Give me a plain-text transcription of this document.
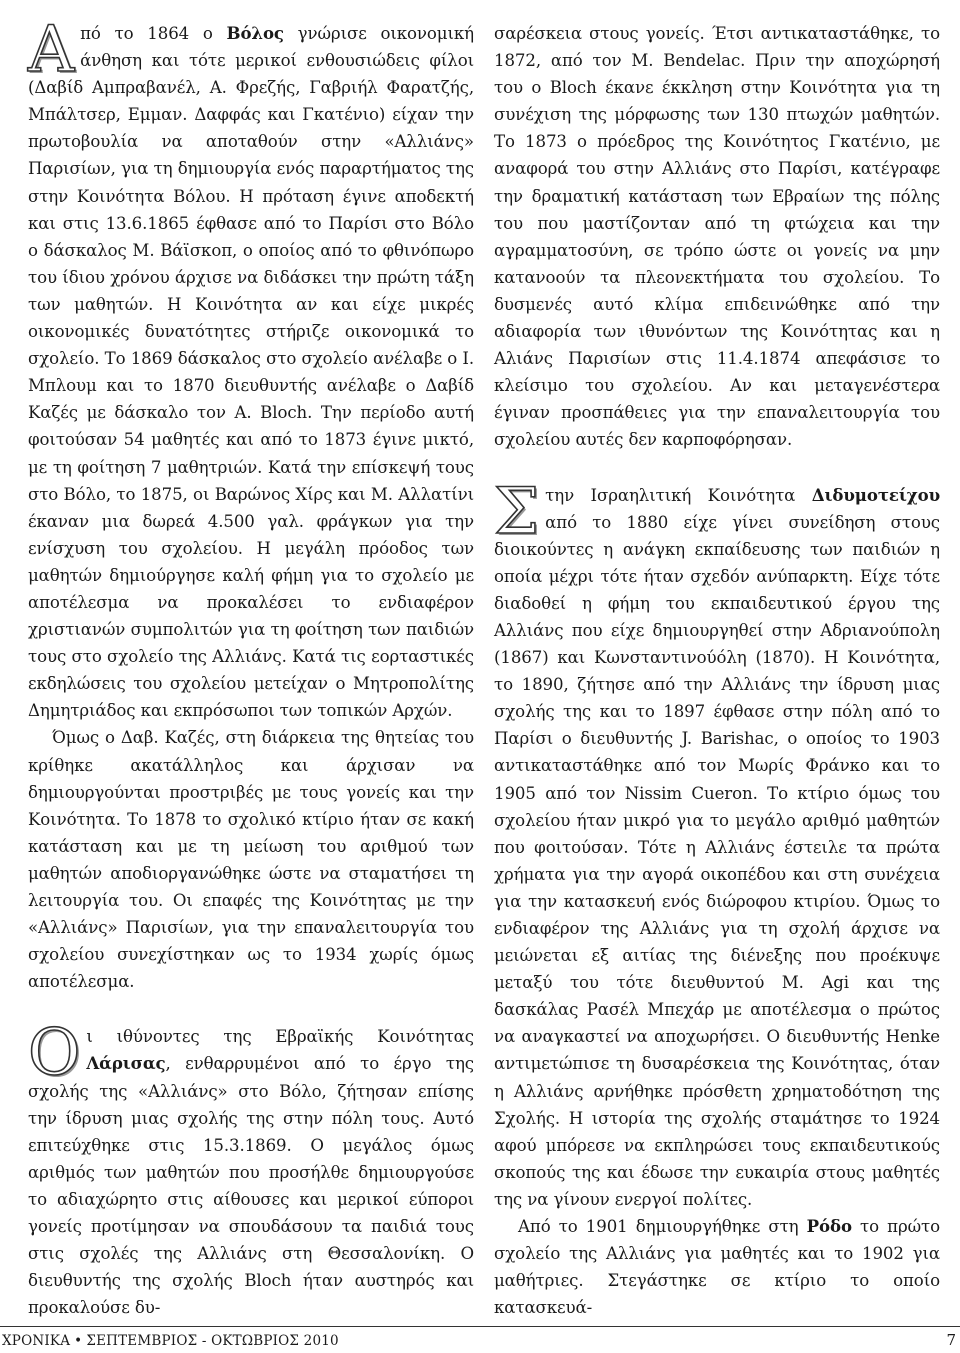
Από το 1864 ο Βόλος γνώρισε οικονομική άνθηση και τότε μερικοί ενθουσιώδεις φίλοι (Δαβίδ Αμπραβανέλ, Α. Φρεζής, Γαβριήλ Φαρατζής, Μπάλτσερ, Εμμαν. Δαφφάς και Γκατένιο) είχαν την πρωτοβουλία να αποταθούν στην «Αλλιάνς» Παρισίων, για τη δημιουργία ενός παραρτήματος της στην Κοινότητα Βόλου. Η πρόταση έγινε αποδεκτή και στις 13.6.1865 έφθασε από το Παρίσι στο Βόλο ο δάσκαλος Μ. Βάϊσκοπ, ο οποίος από το φθινόπωρο του ίδιου χρόνου άρχισε να διδάσκει την πρώτη τάξη των μαθητών. Η Κοινότητα αν και είχε μικρές οικονομικές δυνατότητες στήριζε οικονομικά το σχολείο. Το 1869 δάσκαλος στο σχολείο ανέλαβε ο Ι. Μπλουμ και το 1870 διευθυντής ανέλαβε ο Δαβίδ Καζές με δάσκαλο τον Α. Bloch. Την περίοδο αυτή φοιτούσαν 54 μαθητές και από το 1873 έγινε μικτό, με τη φοίτηση 7 μαθητριών. Κατά την επίσκεψή τους στο Βόλο, το 1875, οι Βαρώνος Χίρς και Μ. Αλλατίνι έκαναν μια δωρεά 4.500 γαλ. φράγκων για την ενίσχυση του σχολείου. Η μεγάλη πρόοδος των μαθητών δημιούργησε καλή φήμη για το σχολείο με αποτέλεσμα να προκαλέσει το ενδιαφέρον χριστιανών συμπολιτών για τη φοίτηση των παιδιών τους στο σχολείο της Αλλιάνς. Κατά τις εορταστικές εκδηλώσεις του σχολείου μετείχαν ο Μητροπολίτης Δημητριάδος και εκπρόσωποι των τοπικών Αρχών.

Όμως ο Δαβ. Καζές, στη διάρκεια της θητείας του κρίθηκε ακατάλληλος και άρχισαν να δημιουργούνται προστριβές με τους γονείς και την Κοινότητα. Το 1878 το σχολικό κτίριο ήταν σε κακή κατάσταση και με τη μείωση του αριθμού των μαθητών αποδιοργανώθηκε ώστε να σταματήσει τη λειτουργία του. Οι επαφές της Κοινότητας με την «Αλλιάνς» Παρισίων, για την επαναλειτουργία του σχολείου συνεχίστηκαν ως το 1934 χωρίς όμως αποτέλεσμα.

Οι ιθύνοντες της Εβραϊκής Κοινότητας Λάρισας, ενθαρρυμένοι από το έργο της σχολής της «Αλλιάνς» στο Βόλο, ζήτησαν επίσης την ίδρυση μιας σχολής της στην πόλη τους. Αυτό επιτεύχθηκε στις 15.3.1869. Ο μεγάλος όμως αριθμός των μαθητών που προσήλθε δημιουργούσε το αδιαχώρητο στις αίθουσες και μερικοί εύποροι γονείς προτίμησαν να σπουδάσουν τα παιδιά τους στις σχολές της Αλλιάνς στη Θεσσαλονίκη. Ο διευθυντής της σχολής Bloch ήταν αυστηρός και προκαλούσε δυ-

σαρέσκεια στους γονείς. Έτσι αντικαταστάθηκε, το 1872, από τον Μ. Bendelac. Πριν την αποχώρησή του ο Bloch έκανε έκκληση στην Κοινότητα για τη συνέχιση της μόρφωσης των 130 πτωχών μαθητών. Το 1873 ο πρόεδρος της Κοινότητος Γκατένιο, με αναφορά του στην Αλλιάνς στο Παρίσι, κατέγραφε την δραματική κατάσταση των Εβραίων της πόλης του που μαστίζονταν από τη φτώχεια και την αγραμματοσύνη, σε τρόπο ώστε οι γονείς να μην κατανοούν τα πλεονεκτήματα του σχολείου. Το δυσμενές αυτό κλίμα επιδεινώθηκε από την αδιαφορία των ιθυνόντων της Κοινότητας και η Αλιάνς Παρισίων στις 11.4.1874 απεφάσισε το κλείσιμο του σχολείου. Αν και μεταγενέστερα έγιναν προσπάθειες για την επαναλειτουργία του σχολείου αυτές δεν καρποφόρησαν.

Στην Ισραηλιτική Κοινότητα Διδυμοτείχου από το 1880 είχε γίνει συνείδηση στους διοικούντες η ανάγκη εκπαίδευσης των παιδιών η οποία μέχρι τότε ήταν σχεδόν ανύπαρκτη. Είχε τότε διαδοθεί η φήμη του εκπαιδευτικού έργου της Αλλιάνς που είχε δημιουργηθεί στην Αδριανούπολη (1867) και Κωνσταντινούόλη (1870). Η Κοινότητα, το 1890, ζήτησε από την Αλλιάνς την ίδρυση μιας σχολής της και το 1897 έφθασε στην πόλη από το Παρίσι ο διευθυντής J. Barishac, ο οποίος το 1903 αντικαταστάθηκε από τον Μωρίς Φράνκο και το 1905 από τον Nissim Cueron. Το κτίριο όμως του σχολείου ήταν μικρό για το μεγάλο αριθμό μαθητών που φοιτούσαν. Τότε η Αλλιάνς έστειλε τα πρώτα χρήματα για την αγορά οικοπέδου και στη συνέχεια για την κατασκευή ενός διώροφου κτιρίου. Όμως το ενδιαφέρον της Αλλιάνς για τη σχολή άρχισε να μειώνεται εξ αιτίας της διένεξης που προέκυψε μεταξύ του τότε διευθυντού Μ. Agi και της δασκάλας Ρασέλ Μπεχάρ με αποτέλεσμα ο πρώτος να αναγκαστεί να αποχωρήσει. Ο διευθυντής Henke αντιμετώπισε τη δυσαρέσκεια της Κοινότητας, όταν η Αλλιάνς αρνήθηκε πρόσθετη χρηματοδότηση της Σχολής. Η ιστορία της σχολής σταμάτησε το 1924 αφού μπόρεσε να εκπληρώσει τους εκπαιδευτικούς σκοπούς της και έδωσε την ευκαιρία στους μαθητές της να γίνουν ενεργοί πολίτες.

Από το 1901 δημιουργήθηκε στη Ρόδο το πρώτο σχολείο της Αλλιάνς για μαθητές και το 1902 για μαθήτριες. Στεγάστηκε σε κτίριο το οποίο κατασκευά-

ΧΡΟΝΙΚΑ • ΣΕΠΤΕΜΒΡΙΟΣ - ΟΚΤΩΒΡΙΟΣ 2010	7
